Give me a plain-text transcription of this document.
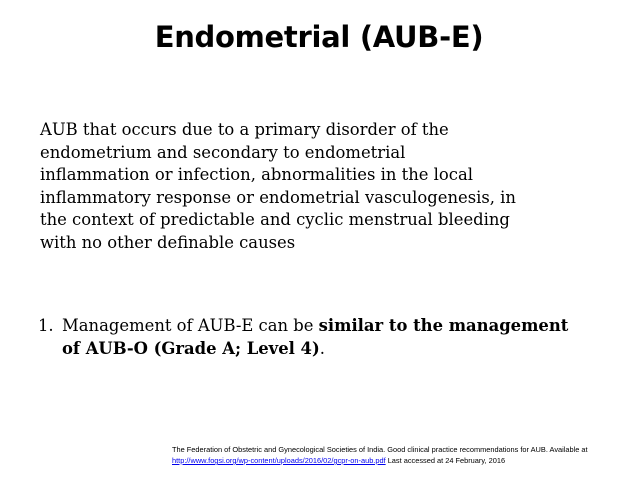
Endometrial (AUB-E)

AUB that occurs due to a primary disorder of the
endometrium and secondary to endometrial
inflammation or infection, abnormalities in the local
inflammatory response or endometrial vasculogenesis, in
the context of predictable and cyclic menstrual bleeding
with no other definable causes

1. Management of AUB-E can be similar to the management
of AUB-O (Grade A; Level 4).
The Federation of Obstetric and Gynecological Societies of India. Good clinical practice recommendations for AUB. Available at
http://www.fogsi.org/wp-content/uploads/2016/02/gcpr-on-aub.pdf Last accessed at 24 February, 2016
